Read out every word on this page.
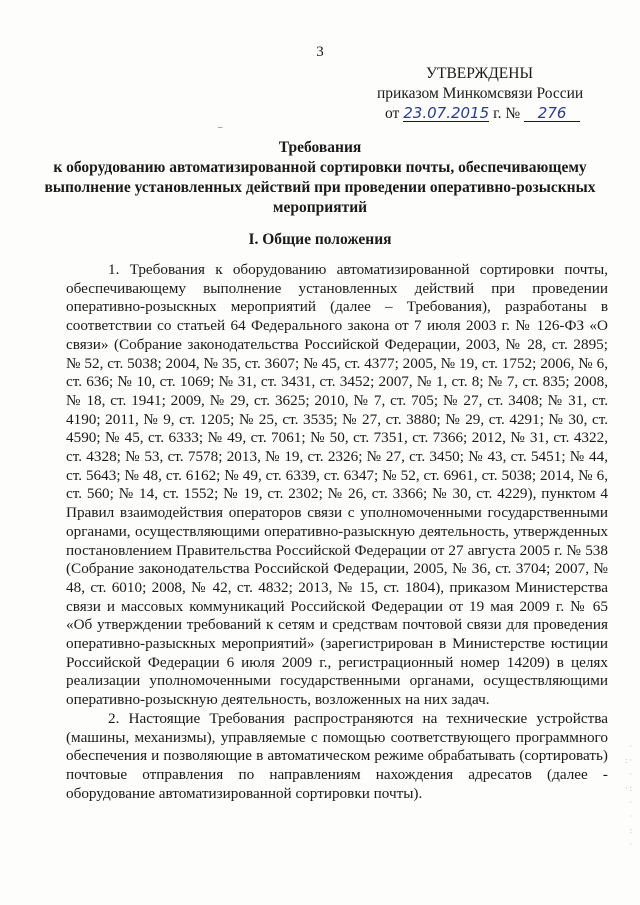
3
УТВЕРЖДЕНЫ
приказом Минкомсвязи России
от 23.07.2015 г. № 276
–
Требования
к оборудованию автоматизированной сортировки почты, обеспечивающему
выполнение установленных действий при проведении оперативно-розыскных
мероприятий
I. Общие положения

1. Требования к оборудованию автоматизированной сортировки почты, обеспечивающему выполнение установленных действий при проведении оперативно-розыскных мероприятий (далее – Требования), разработаны в соответствии со статьей 64 Федерального закона от 7 июля 2003 г. № 126-ФЗ «О связи» (Собрание законодательства Российской Федерации, 2003, № 28, ст. 2895; № 52, ст. 5038; 2004, № 35, ст. 3607; № 45, ст. 4377; 2005, № 19, ст. 1752; 2006, № 6, ст. 636; № 10, ст. 1069; № 31, ст. 3431, ст. 3452; 2007, № 1, ст. 8; № 7, ст. 835; 2008, № 18, ст. 1941; 2009, № 29, ст. 3625; 2010, № 7, ст. 705; № 27, ст. 3408; № 31, ст. 4190; 2011, № 9, ст. 1205; № 25, ст. 3535; № 27, ст. 3880; № 29, ст. 4291; № 30, ст. 4590; № 45, ст. 6333; № 49, ст. 7061; № 50, ст. 7351, ст. 7366; 2012, № 31, ст. 4322, ст. 4328; № 53, ст. 7578; 2013, № 19, ст. 2326; № 27, ст. 3450; № 43, ст. 5451; № 44, ст. 5643; № 48, ст. 6162; № 49, ст. 6339, ст. 6347; № 52, ст. 6961, ст. 5038; 2014, № 6, ст. 560; № 14, ст. 1552; № 19, ст. 2302; № 26, ст. 3366; № 30, ст. 4229), пунктом 4 Правил взаимодействия операторов связи с уполномоченными государственными органами, осуществляющими оперативно-разыскную деятельность, утвержденных постановлением Правительства Российской Федерации от 27 августа 2005 г. № 538 (Собрание законодательства Российской Федерации, 2005, № 36, ст. 3704; 2007, № 48, ст. 6010; 2008, № 42, ст. 4832; 2013, № 15, ст. 1804), приказом Министерства связи и массовых коммуникаций Российской Федерации от 19 мая 2009 г. № 65 «Об утверждении требований к сетям и средствам почтовой связи для проведения оперативно-разыскных мероприятий» (зарегистрирован в Министерстве юстиции Российской Федерации 6 июля 2009 г., регистрационный номер 14209) в целях реализации уполномоченными государственными органами, осуществляющими оперативно-розыскную деятельность, возложенных на них задач.

2. Настоящие Требования распространяются на технические устройства (машины, механизмы), управляемые с помощью соответствующего программного обеспечения и позволяющие в автоматическом режиме обрабатывать (сортировать) почтовые отправления по направлениям нахождения адресатов (далее - оборудование автоматизированной сортировки почты).

·
: ·
·
· :
·
·
:
·
